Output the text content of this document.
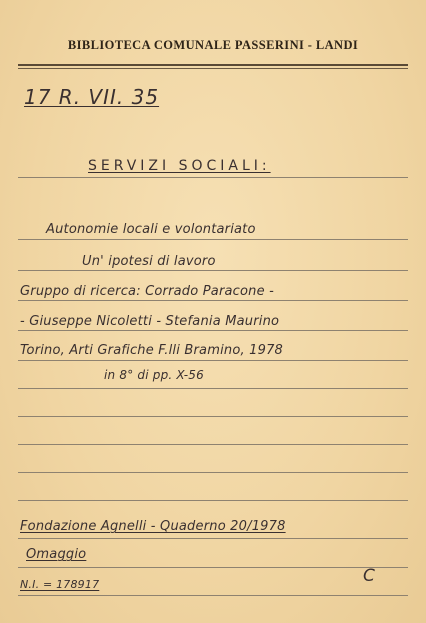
BIBLIOTECA COMUNALE PASSERINI - LANDI
17 R. VII. 35
SERVIZI SOCIALI:
Autonomie locali e volontariato
Un' ipotesi di lavoro
Gruppo di ricerca: Corrado Paracone -
- Giuseppe Nicoletti - Stefania Maurino
Torino, Arti Grafiche F.lli Bramino, 1978
in 8° di pp. X-56
Fondazione Agnelli - Quaderno 20/1978
Omaggio
N.I. = 178917	C
